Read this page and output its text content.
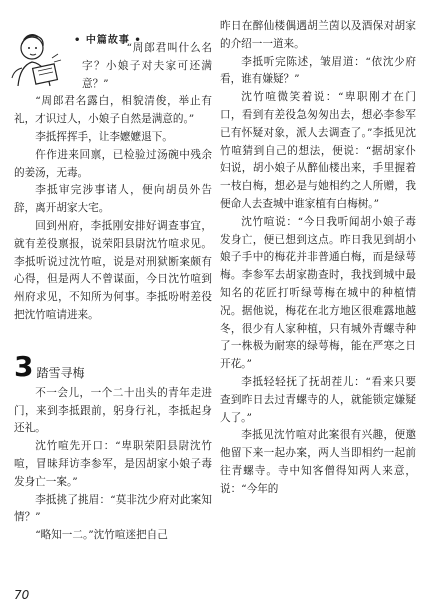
• 中篇故事 •

“周郎君叫什么名字？小娘子对夫家可还满意？”

“周郎君名露白，相貌清俊，举止有礼，才识过人，小娘子自然是满意的。”

李抵挥挥手，让李嬷嬷退下。

仵作进来回禀，已检验过汤碗中残余的姜汤，无毒。

李抵审完涉事诸人，便向胡员外告辞，离开胡家大宅。

回到州府，李抵刚安排好调查事宜，就有差役禀报，说荣阳县尉沈竹喧求见。李抵听说过沈竹喧，说是对刑狱断案颇有心得，但是两人不曾谋面，今日沈竹喧到州府求见，不知所为何事。李抵吩咐差役把沈竹喧请进来。

3 踏雪寻梅

不一会儿，一个二十出头的青年走进门，来到李抵跟前，躬身行礼，李抵起身还礼。

沈竹喧先开口：“卑职荣阳县尉沈竹喧，冒昧拜访李参军，是因胡家小娘子毒发身亡一案。”

李抵挑了挑眉：“莫非沈少府对此案知情？”

“略知一二。”沈竹喧迷把自己

昨日在醉仙楼偶遇胡兰茵以及酒保对胡家的介绍一一道来。

李抵听完陈述，皱眉道：“依沈少府看，谁有嫌疑？”

沈竹喧微笑着说：“卑职刚才在门口，看到有差役急匆匆出去，想必李参军已有怀疑对象，派人去调查了。”李抵见沈竹喧猜到自己的想法，便说：“据胡家仆妇说，胡小娘子从醉仙楼出来，手里握着一枝白梅，想必是与她相约之人所赠，我便命人去查城中谁家植有白梅树。”

沈竹喧说：“今日我听闻胡小娘子毒发身亡，便已想到这点。昨日我见到胡小娘子手中的梅花并非普通白梅，而是绿萼梅。李参军去胡家勘查时，我找到城中最知名的花匠打听绿萼梅在城中的种植情况。据他说，梅花在北方地区很难露地越冬，很少有人家种植，只有城外青螺寺种了一株极为耐寒的绿萼梅，能在严寒之日开花。”

李抵轻轻抚了抚胡茬儿：“看来只要查到昨日去过青螺寺的人，就能锁定嫌疑人了。”

李抵见沈竹喧对此案很有兴趣，便邀他留下来一起办案，两人当即相约一起前往青螺寺。寺中知客僧得知两人来意，说：“今年的

70
